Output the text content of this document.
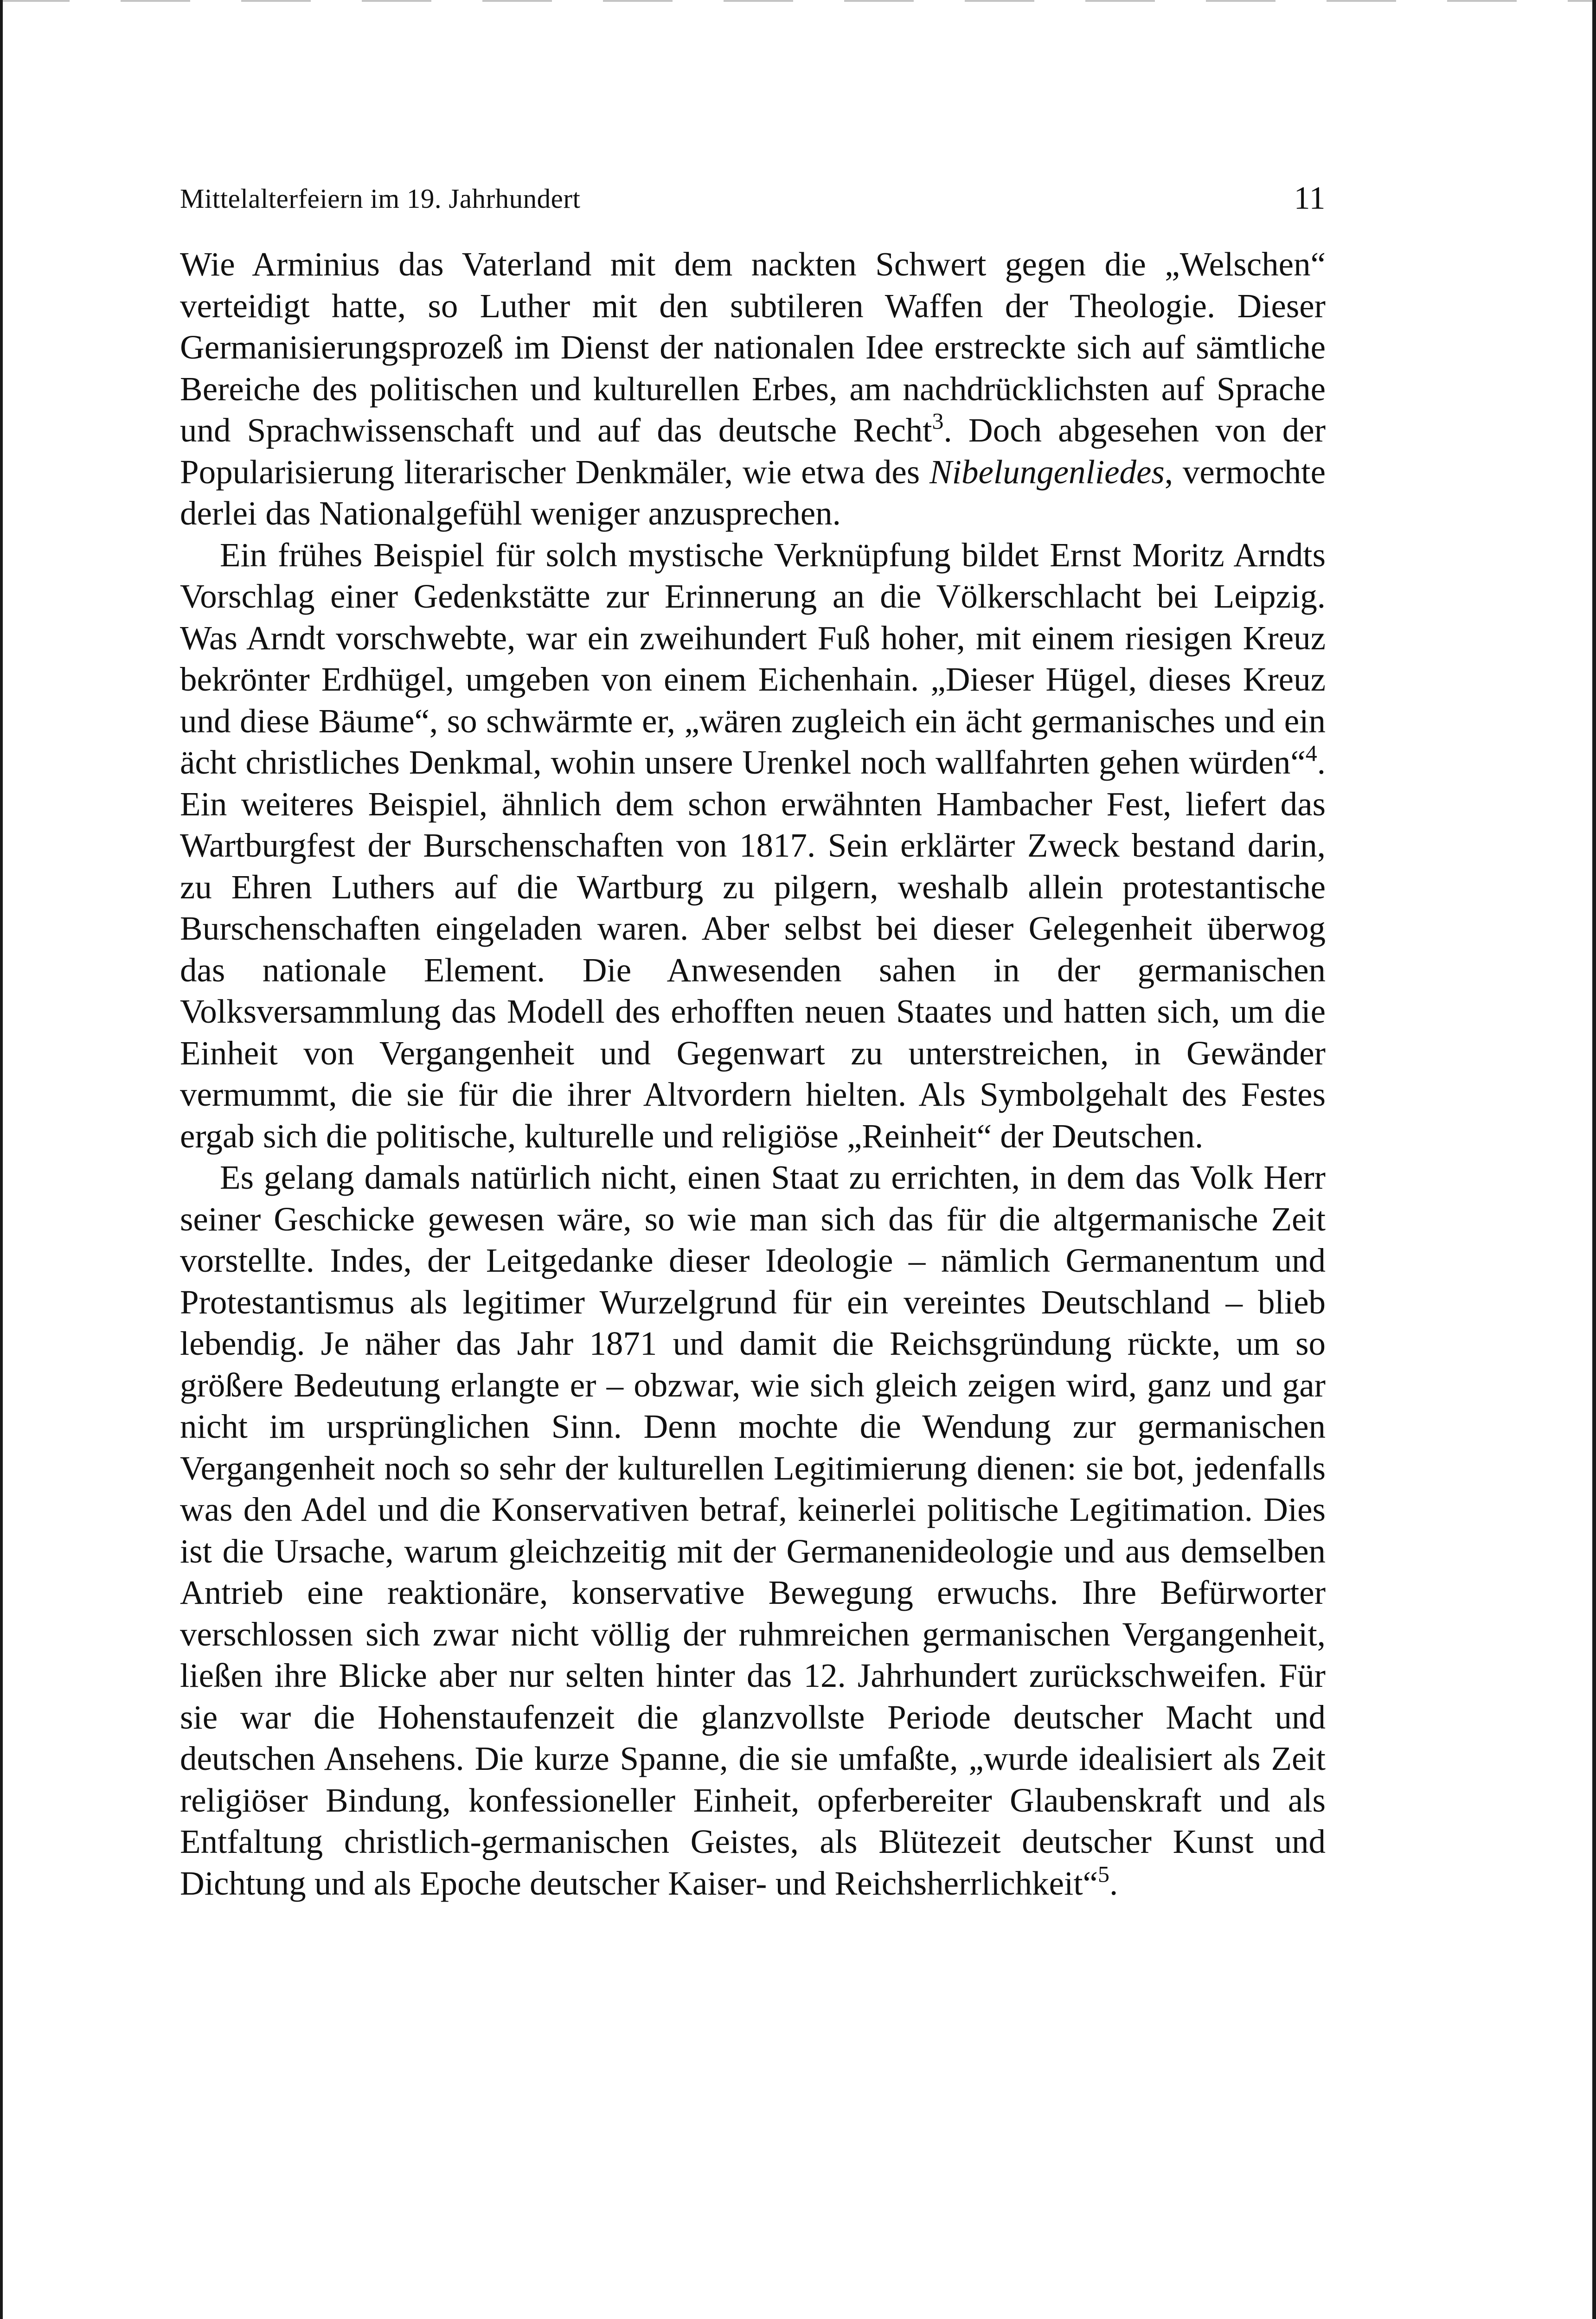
Mittelalterfeiern im 19. Jahrhundert	11

Wie Arminius das Vaterland mit dem nackten Schwert gegen die „Welschen“ verteidigt hatte, so Luther mit den subtileren Waffen der Theologie. Dieser Germanisierungsprozeß im Dienst der nationalen Idee erstreckte sich auf sämtliche Bereiche des politischen und kulturellen Erbes, am nachdrücklichsten auf Sprache und Sprachwissenschaft und auf das deutsche Recht$^3$. Doch abgesehen von der Popularisierung literarischer Denkmäler, wie etwa des Nibelungenliedes, vermochte derlei das Nationalgefühl weniger anzusprechen.

Ein frühes Beispiel für solch mystische Verknüpfung bildet Ernst Moritz Arndts Vorschlag einer Gedenkstätte zur Erinnerung an die Völkerschlacht bei Leipzig. Was Arndt vorschwebte, war ein zweihundert Fuß hoher, mit einem riesigen Kreuz bekrönter Erdhügel, umgeben von einem Eichenhain. „Dieser Hügel, dieses Kreuz und diese Bäume“, so schwärmte er, „wären zugleich ein ächt germanisches und ein ächt christliches Denkmal, wohin unsere Urenkel noch wallfahrten gehen würden“$^4$. Ein weiteres Beispiel, ähnlich dem schon erwähnten Hambacher Fest, liefert das Wartburgfest der Burschenschaften von 1817. Sein erklärter Zweck bestand darin, zu Ehren Luthers auf die Wartburg zu pilgern, weshalb allein protestantische Burschenschaften eingeladen waren. Aber selbst bei dieser Gelegenheit überwog das nationale Element. Die Anwesenden sahen in der germanischen Volksversammlung das Modell des erhofften neuen Staates und hatten sich, um die Einheit von Vergangenheit und Gegenwart zu unterstreichen, in Gewänder vermummt, die sie für die ihrer Altvordern hielten. Als Symbolgehalt des Festes ergab sich die politische, kulturelle und religiöse „Reinheit“ der Deutschen.

Es gelang damals natürlich nicht, einen Staat zu errichten, in dem das Volk Herr seiner Geschicke gewesen wäre, so wie man sich das für die altgermanische Zeit vorstellte. Indes, der Leitgedanke dieser Ideologie – nämlich Germanentum und Protestantismus als legitimer Wurzelgrund für ein vereintes Deutschland – blieb lebendig. Je näher das Jahr 1871 und damit die Reichsgründung rückte, um so größere Bedeutung erlangte er – obzwar, wie sich gleich zeigen wird, ganz und gar nicht im ursprünglichen Sinn. Denn mochte die Wendung zur germanischen Vergangenheit noch so sehr der kulturellen Legitimierung dienen: sie bot, jedenfalls was den Adel und die Konservativen betraf, keinerlei politische Legitimation. Dies ist die Ursache, warum gleichzeitig mit der Germanenideologie und aus demselben Antrieb eine reaktionäre, konservative Bewegung erwuchs. Ihre Befürworter verschlossen sich zwar nicht völlig der ruhmreichen germanischen Vergangenheit, ließen ihre Blicke aber nur selten hinter das 12. Jahrhundert zurückschweifen. Für sie war die Hohenstaufenzeit die glanzvollste Periode deutscher Macht und deutschen Ansehens. Die kurze Spanne, die sie umfaßte, „wurde idealisiert als Zeit religiöser Bindung, konfessioneller Einheit, opferbereiter Glaubenskraft und als Entfaltung christlich-germanischen Geistes, als Blütezeit deutscher Kunst und Dichtung und als Epoche deutscher Kaiser- und Reichsherrlichkeit“$^5$.
